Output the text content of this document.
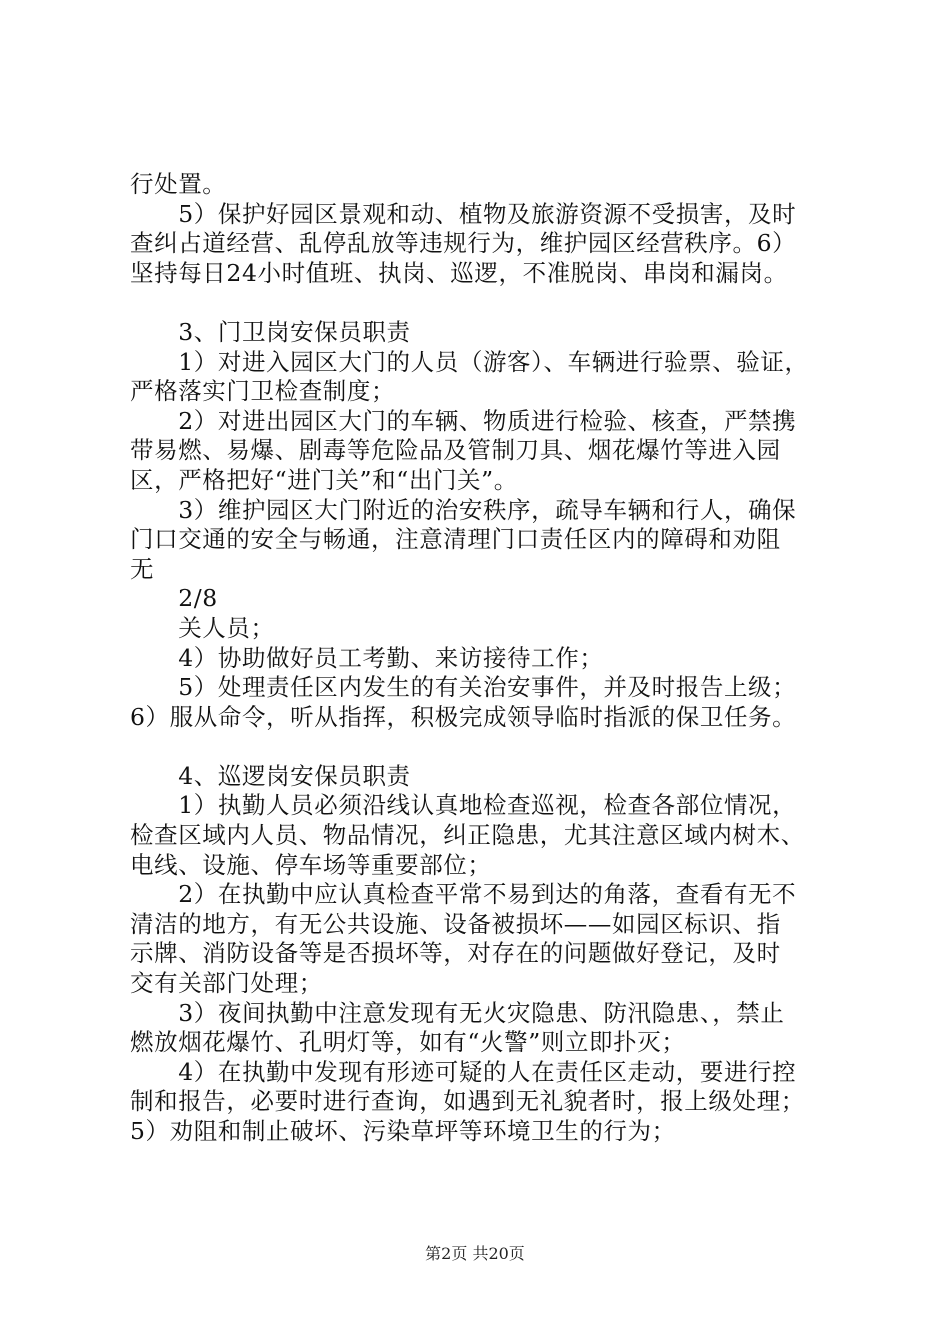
行处置。
　　5）保护好园区景观和动、植物及旅游资源不受损害，及时
查纠占道经营、乱停乱放等违规行为，维护园区经营秩序。6）
坚持每日24小时值班、执岗、巡逻，不准脱岗、串岗和漏岗。
　　3、门卫岗安保员职责
　　1）对进入园区大门的人员（游客）、车辆进行验票、验证，
严格落实门卫检查制度；
　　2）对进出园区大门的车辆、物质进行检验、核查，严禁携
带易燃、易爆、剧毒等危险品及管制刀具、烟花爆竹等进入园
区，严格把好“进门关”和“出门关”。
　　3）维护园区大门附近的治安秩序，疏导车辆和行人，确保
门口交通的安全与畅通，注意清理门口责任区内的障碍和劝阻
无
　　2/8
　　关人员；
　　4）协助做好员工考勤、来访接待工作；
　　5）处理责任区内发生的有关治安事件，并及时报告上级；
6）服从命令，听从指挥，积极完成领导临时指派的保卫任务。
　　4、巡逻岗安保员职责
　　1）执勤人员必须沿线认真地检查巡视，检查各部位情况，
检查区域内人员、物品情况，纠正隐患，尤其注意区域内树木、
电线、设施、停车场等重要部位；
　　2）在执勤中应认真检查平常不易到达的角落，查看有无不
清洁的地方，有无公共设施、设备被损坏——如园区标识、指
示牌、消防设备等是否损坏等，对存在的问题做好登记，及时
交有关部门处理；
　　3）夜间执勤中注意发现有无火灾隐患、防汛隐患、，禁止
燃放烟花爆竹、孔明灯等，如有“火警”则立即扑灭；
　　4）在执勤中发现有形迹可疑的人在责任区走动，要进行控
制和报告，必要时进行查询，如遇到无礼貌者时，报上级处理；
5）劝阻和制止破坏、污染草坪等环境卫生的行为；
第2页 共20页
